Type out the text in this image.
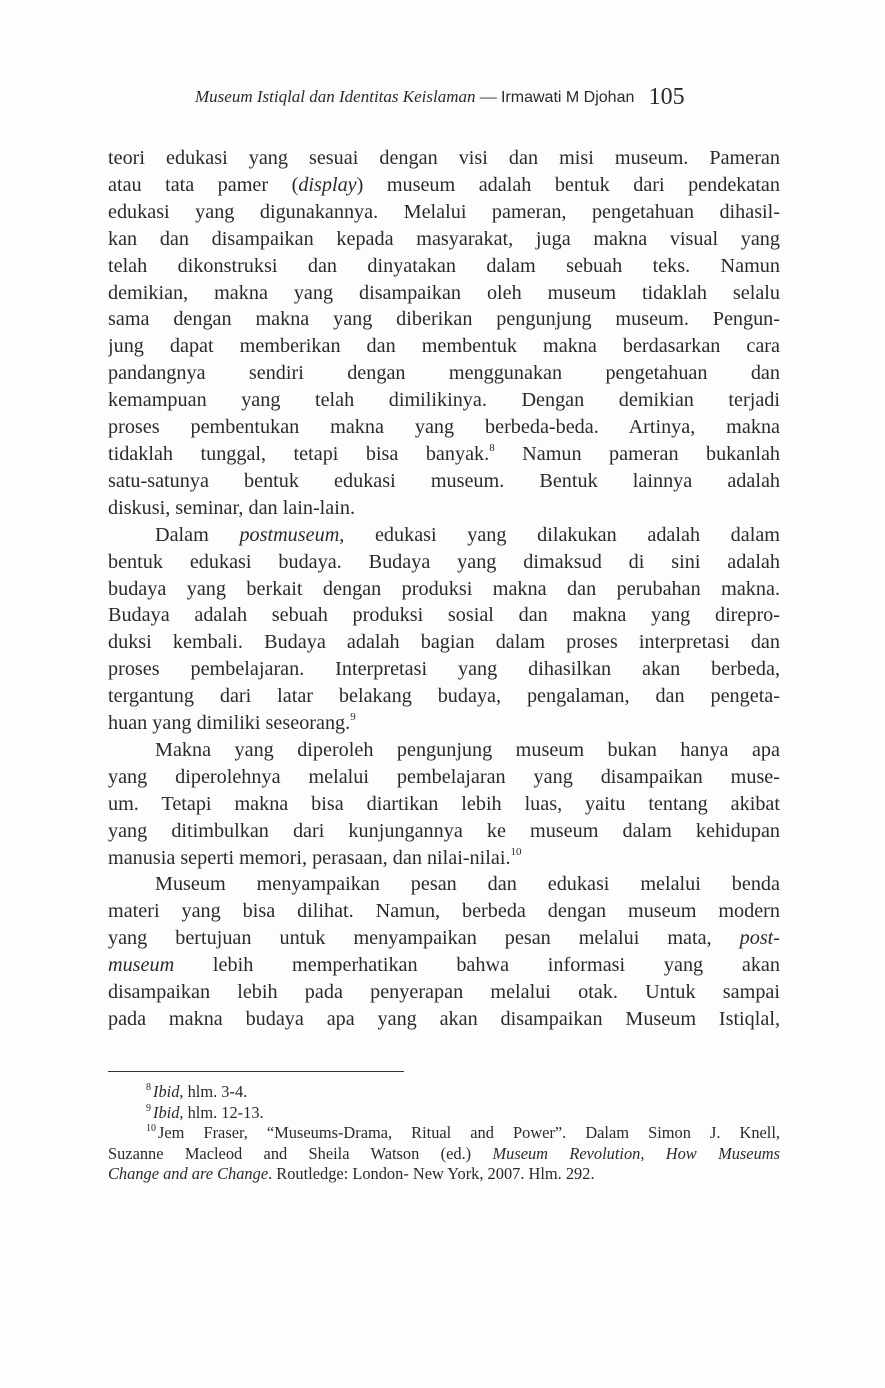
Museum Istiqlal dan Identitas Keislaman — Irmawati M Djohan 105
teori edukasi yang sesuai dengan visi dan misi museum. Pameran
atau tata pamer (display) museum adalah bentuk dari pendekatan
edukasi yang digunakannya. Melalui pameran, pengetahuan dihasil-
kan dan disampaikan kepada masyarakat, juga makna visual yang
telah dikonstruksi dan dinyatakan dalam sebuah teks. Namun
demikian, makna yang disampaikan oleh museum tidaklah selalu
sama dengan makna yang diberikan pengunjung museum. Pengun-
jung dapat memberikan dan membentuk makna berdasarkan cara
pandangnya sendiri dengan menggunakan pengetahuan dan
kemampuan yang telah dimilikinya. Dengan demikian terjadi
proses pembentukan makna yang berbeda-beda. Artinya, makna
tidaklah tunggal, tetapi bisa banyak.$^8$ Namun pameran bukanlah
satu-satunya bentuk edukasi museum. Bentuk lainnya adalah
diskusi, seminar, dan lain-lain.
Dalam postmuseum, edukasi yang dilakukan adalah dalam
bentuk edukasi budaya. Budaya yang dimaksud di sini adalah
budaya yang berkait dengan produksi makna dan perubahan makna.
Budaya adalah sebuah produksi sosial dan makna yang direpro-
duksi kembali. Budaya adalah bagian dalam proses interpretasi dan
proses pembelajaran. Interpretasi yang dihasilkan akan berbeda,
tergantung dari latar belakang budaya, pengalaman, dan pengeta-
huan yang dimiliki seseorang.$^9$
Makna yang diperoleh pengunjung museum bukan hanya apa
yang diperolehnya melalui pembelajaran yang disampaikan muse-
um. Tetapi makna bisa diartikan lebih luas, yaitu tentang akibat
yang ditimbulkan dari kunjungannya ke museum dalam kehidupan
manusia seperti memori, perasaan, dan nilai-nilai.$^{10}$
Museum menyampaikan pesan dan edukasi melalui benda
materi yang bisa dilihat. Namun, berbeda dengan museum modern
yang bertujuan untuk menyampaikan pesan melalui mata, post-
museum lebih memperhatikan bahwa informasi yang akan
disampaikan lebih pada penyerapan melalui otak. Untuk sampai
pada makna budaya apa yang akan disampaikan Museum Istiqlal,
$^8$ Ibid, hlm. 3-4.
$^9$ Ibid, hlm. 12-13.
$^{10}$ Jem Fraser, “Museums-Drama, Ritual and Power”. Dalam Simon J. Knell,
Suzanne Macleod and Sheila Watson (ed.) Museum Revolution, How Museums
Change and are Change. Routledge: London- New York, 2007. Hlm. 292.
